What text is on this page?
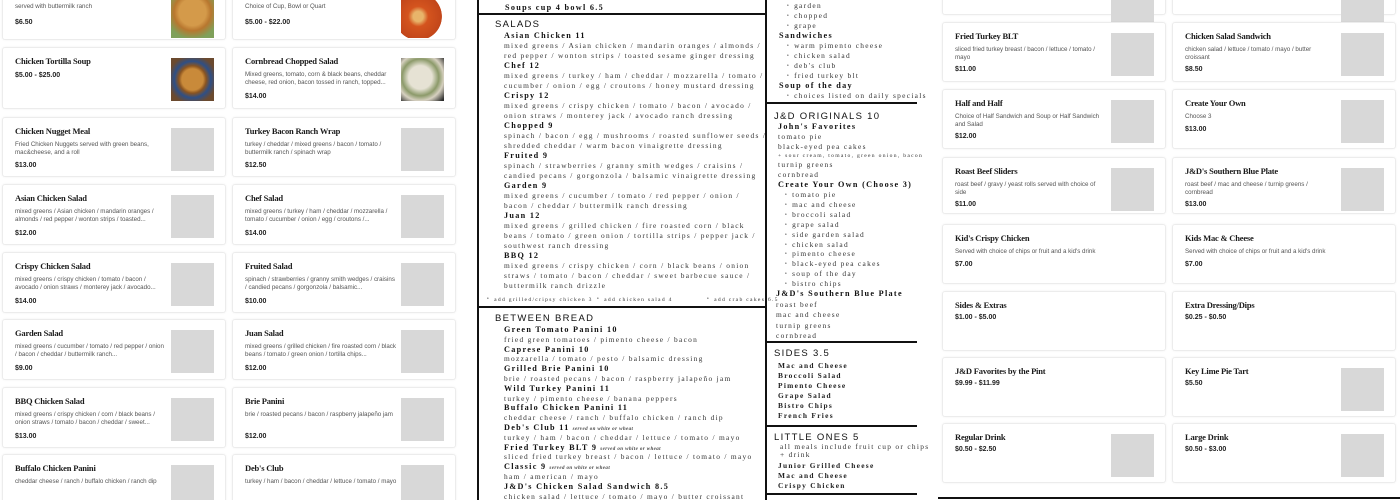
served with buttermilk ranch
$6.50
Chicken Tortilla Soup
$5.00 - $25.00
Chicken Nugget Meal
Fried Chicken Nuggets served with green beans, mac&cheese, and a roll
$13.00
Asian Chicken Salad
mixed greens / Asian chicken / mandarin oranges / almonds / red pepper / wonton strips / toasted...
$12.00
Crispy Chicken Salad
mixed greens / crispy chicken / tomato / bacon / avocado / onion straws / monterey jack / avocado...
$14.00
Garden Salad
mixed greens / cucumber / tomato / red pepper / onion / bacon / cheddar / buttermilk ranch...
$9.00
BBQ Chicken Salad
mixed greens / crispy chicken / corn / black beans / onion straws / tomato / bacon / cheddar / sweet...
$13.00
Buffalo Chicken Panini
cheddar cheese / ranch / buffalo chicken / ranch dip
Choice of Cup, Bowl or Quart
$5.00 - $22.00
Cornbread Chopped Salad
Mixed greens, tomato, corn & black beans, cheddar cheese, red onion, bacon tossed in ranch, topped...
$14.00
Turkey Bacon Ranch Wrap
turkey / cheddar / mixed greens / bacon / tomato / buttermilk ranch / spinach wrap
$12.50
Chef Salad
mixed greens / turkey / ham / cheddar / mozzarella / tomato / cucumber / onion / egg / croutons /...
$14.00
Fruited Salad
spinach / strawberries / granny smith wedges / craisins / candied pecans / gorgonzola / balsamic...
$10.00
Juan Salad
mixed greens / grilled chicken / fire roasted corn / black beans / tomato / green onion / tortilla chips...
$12.00
Brie Panini
brie / roasted pecans / bacon / raspberry jalapeño jam
$12.00
Deb's Club
turkey / ham / bacon / cheddar / lettuce / tomato / mayo
Soups cup 4 bowl 6.5
SALADS
Asian Chicken 11
mixed greens / Asian chicken / mandarin oranges / almonds /
red pepper / wonton strips / toasted sesame ginger dressing
Chef 12
mixed greens / turkey / ham / cheddar / mozzarella / tomato /
cucumber / onion / egg / croutons / honey mustard dressing
Crispy 12
mixed greens / crispy chicken / tomato / bacon / avocado /
onion straws / monterey jack / avocado ranch dressing
Chopped 9
spinach / bacon / egg / mushrooms / roasted sunflower seeds /
shredded cheddar / warm bacon vinaigrette dressing
Fruited 9
spinach / strawberries / granny smith wedges / craisins /
candied pecans / gorgonzola / balsamic vinaigrette dressing
Garden 9
mixed greens / cucumber / tomato / red pepper / onion /
bacon / cheddar / buttermilk ranch dressing
Juan 12
mixed greens / grilled chicken / fire roasted corn / black
beans / tomato / green onion / tortilla strips / pepper jack /
southwest ranch dressing
BBQ 12
mixed greens / crispy chicken / corn / black beans / onion
straws / tomato / bacon / cheddar / sweet barbecue sauce /
buttermilk ranch drizzle
• add grilled/cripsy chicken 3	• add chicken salad 4	• add crab cakes 6.5
BETWEEN BREAD
Green Tomato Panini 10
fried green tomatoes / pimento cheese / bacon
Caprese Panini 10
mozzarella / tomato / pesto / balsamic dressing
Grilled Brie Panini 10
brie / roasted pecans / bacon / raspberry jalapeño jam
Wild Turkey Panini 11
turkey / pimento cheese / banana peppers
Buffalo Chicken Panini 11
cheddar cheese / ranch / buffalo chicken / ranch dip
Deb's Club 11 served on white or wheat
turkey / ham / bacon / cheddar / lettuce / tomato / mayo
Fried Turkey BLT 9 served on white or wheat
sliced fried turkey breast / bacon / lettuce / tomato / mayo
Classic 9 served on white or wheat
ham / american / mayo
J&D's Chicken Salad Sandwich 8.5
chicken salad / lettuce / tomato / mayo / butter croissant
• garden
• chopped
• grape
Sandwiches
• warm pimento cheese
• chicken salad
• deb's club
• fried turkey blt
Soup of the day
• choices listed on daily specials
J&D ORIGINALS 10
John's Favorites
tomato pie
black-eyed pea cakes
+ sour cream, tomato, green onion, bacon
turnip greens
cornbread
Create Your Own (Choose 3)
• tomato pie
• mac and cheese
• broccoli salad
• grape salad
• side garden salad
• chicken salad
• pimento cheese
• black-eyed pea cakes
• soup of the day
• bistro chips
J&D's Southern Blue Plate
roast beef
mac and cheese
turnip greens
cornbread
SIDES 3.5
Mac and Cheese
Broccoli Salad
Pimento Cheese
Grape Salad
Bistro Chips
French Fries
LITTLE ONES 5
all meals include fruit cup or chips
+ drink
Junior Grilled Cheese
Mac and Cheese
Crispy Chicken
Fried Turkey BLT
sliced fried turkey breast / bacon / lettuce / tomato / mayo
$11.00
Half and Half
Choice of Half Sandwich and Soup or Half Sandwich and Salad
$12.00
Roast Beef Sliders
roast beef / gravy / yeast rolls served with choice of side
$11.00
Kid's Crispy Chicken
Served with choice of chips or fruit and a kid's drink
$7.00
Sides & Extras
$1.00 - $5.00
J&D Favorites by the Pint
$9.99 - $11.99
Regular Drink
$0.50 - $2.50
Chicken Salad Sandwich
chicken salad / lettuce / tomato / mayo / butter croissant
$8.50
Create Your Own
Choose 3
$13.00
J&D's Southern Blue Plate
roast beef / mac and cheese / turnip greens / cornbread
$13.00
Kids Mac & Cheese
Served with choice of chips or fruit and a kid's drink
$7.00
Extra Dressing/Dips
$0.25 - $0.50
Key Lime Pie Tart
$5.50
Large Drink
$0.50 - $3.00
